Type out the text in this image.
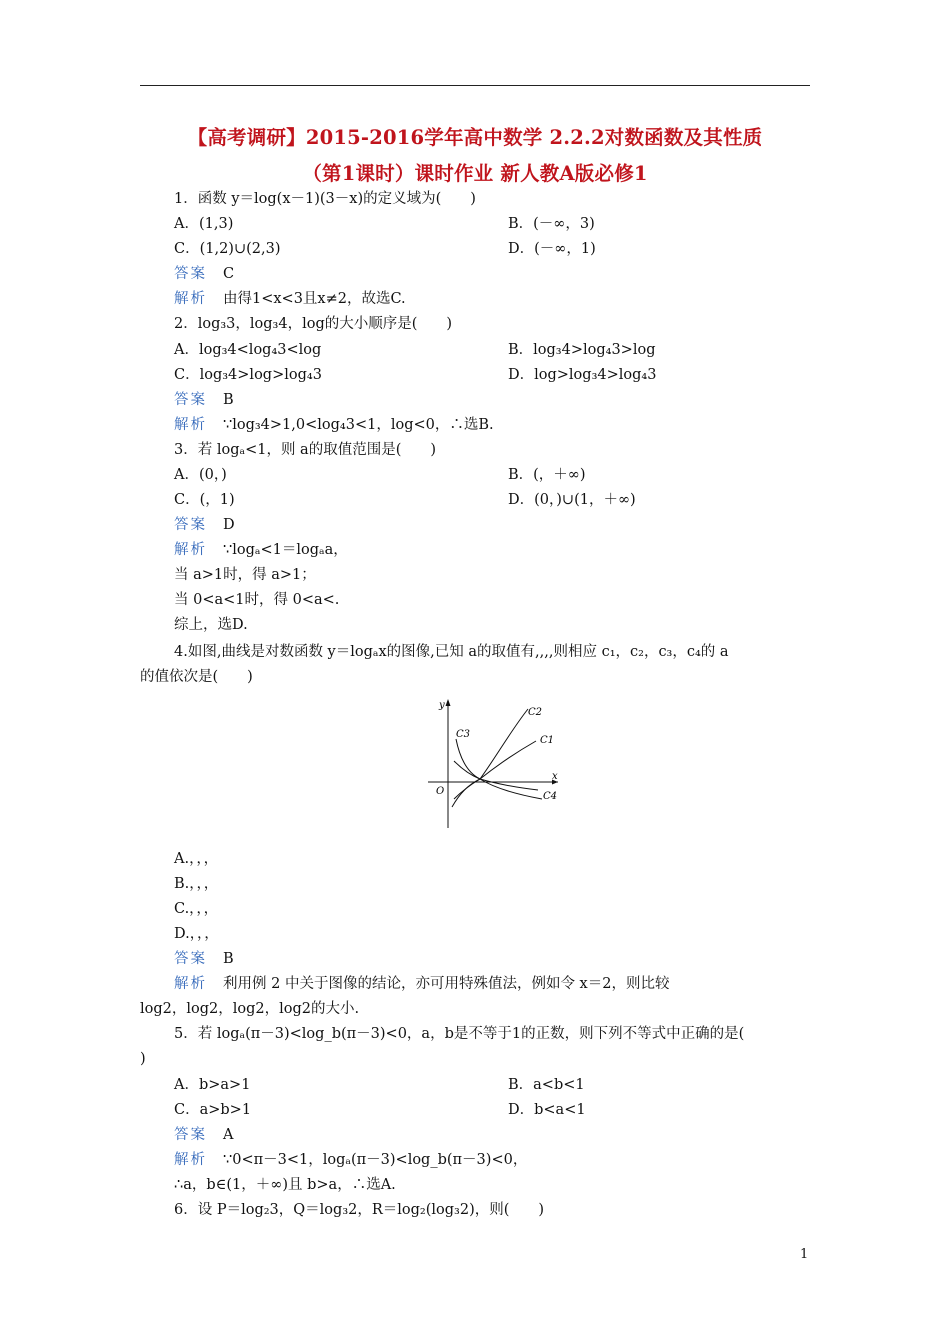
【高考调研】2015-2016学年高中数学 2.2.2对数函数及其性质
（第1课时）课时作业 新人教A版必修1
1．函数 y＝log(x－1)(3－x)的定义域为(　　)
A．(1,3)	B．(－∞，3)
C．(1,2)∪(2,3)	D．(－∞，1)
答案 C
解析 由得1<x<3且x≠2，故选C.
2．log₃3，log₃4，log的大小顺序是(　　)
A．log₃4<log₄3<log	B．log₃4>log₄3>log
C．log₃4>log>log₄3	D．log>log₃4>log₄3
答案 B
解析 ∵log₃4>1,0<log₄3<1，log<0，∴选B.
3．若 logₐ<1，则 a的取值范围是(　　)
A．(0，)	B．(，＋∞)
C．(，1)	D．(0，)∪(1，＋∞)
答案 D
解析 ∵logₐ<1＝logₐa，
当 a>1时，得 a>1；
当 0<a<1时，得 0<a<.
综上，选D.
4.如图,曲线是对数函数 y＝logₐx的图像,已知 a的取值有,,,,则相应 c₁，c₂，c₃，c₄的 a
的值依次是(　　)
A.，，，
B.，，，
C.，，，
D.，，，
答案 B
解析 利用例 2 中关于图像的结论，亦可用特殊值法，例如令 x＝2，则比较
log2，log2，log2，log2的大小.
5．若 logₐ(π－3)<log_b(π－3)<0，a，b是不等于1的正数，则下列不等式中正确的是(
)
A．b>a>1	B．a<b<1
C．a>b>1	D．b<a<1
答案 A
解析 ∵0<π－3<1，logₐ(π－3)<log_b(π－3)<0，
∴a，b∈(1，＋∞)且 b>a，∴选A.
6．设 P＝log₂3，Q＝log₃2，R＝log₂(log₃2)，则(　　)
y
x
O
C2
C1
C3
C4
1
